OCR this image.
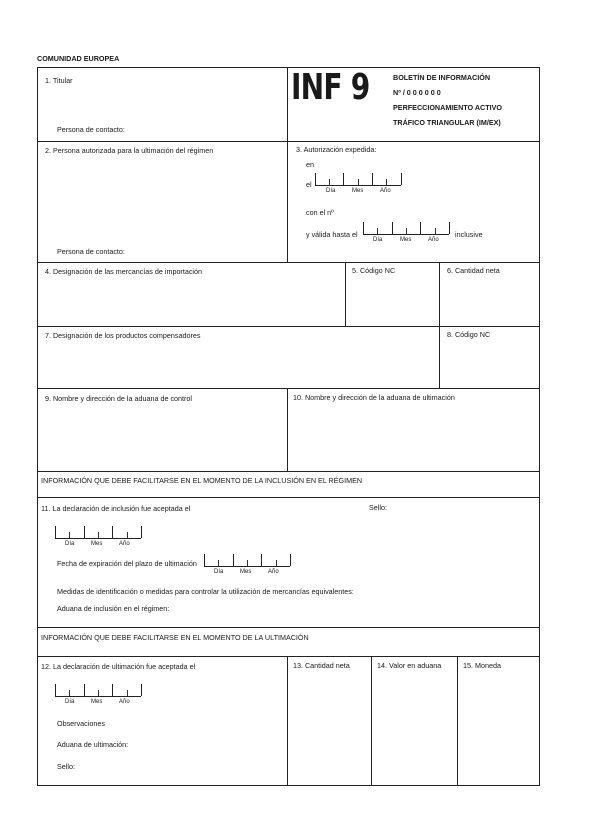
COMUNIDAD EUROPEA
INF 9	BOLETÍN DE INFORMACIÓN
Nº / 0 0 0 0 0 0
PERFECCIONAMIENTO ACTIVO
TRÁFICO TRIANGULAR (IM/EX)
1. Titular
Persona de contacto:
2. Persona autorizada para la ultimación del régimen
Persona de contacto:
3. Autorización expedida:
en
el
Día	Mes	Año
con el nº
y válida hasta el
Día	Mes	Año
inclusive
4. Designación de las mercancías de importación	5. Código NC	6. Cantidad neta
7. Designación de los productos compensadores	8. Código NC
9. Nombre y dirección de la aduana de control	10. Nombre y dirección de la aduana de ultimación
INFORMACIÓN QUE DEBE FACILITARSE EN EL MOMENTO DE LA INCLUSIÓN EN EL RÉGIMEN
11. La declaración de inclusión fue aceptada el	Sello:
Día	Mes	Año
Fecha de expiración del plazo de ultimación
Día	Mes	Año
Medidas de identificación o medidas para controlar la utilización de mercancías equivalentes:
Aduana de inclusión en el régimen:
INFORMACIÓN QUE DEBE FACILITARSE EN EL MOMENTO DE LA ULTIMACIÓN
12. La declaración de ultimación fue aceptada el	13. Cantidad neta	14. Valor en aduana	15. Moneda
Día	Mes	Año
Observaciones
Aduana de ultimación:
Sello:
